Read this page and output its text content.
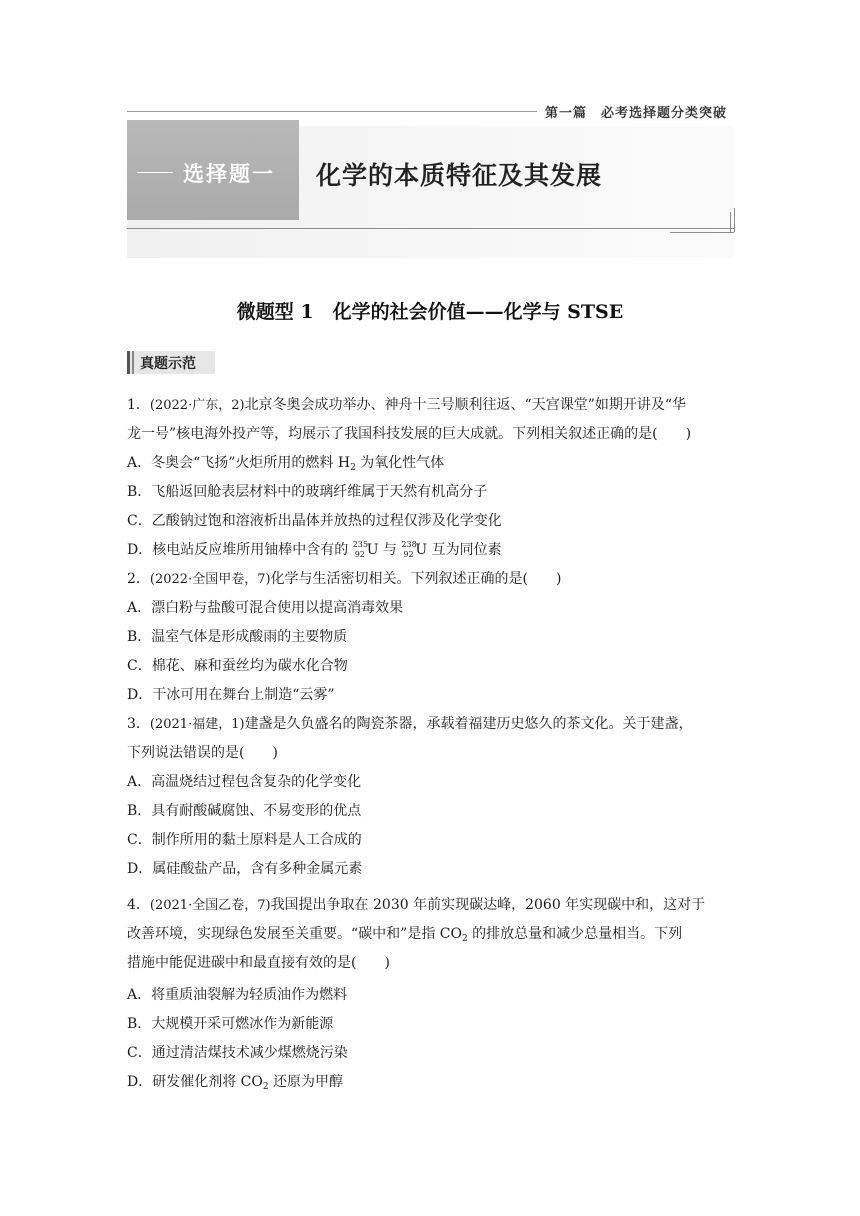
第一篇　必考选择题分类突破
选择题一 化学的本质特征及其发展
微题型 1　化学的社会价值——化学与 STSE
真题示范
1．(2022·广东，2)北京冬奥会成功举办、神舟十三号顺利往返、“天宫课堂”如期开讲及“华
龙一号”核电海外投产等，均展示了我国科技发展的巨大成就。下列相关叙述正确的是(　　)
A．冬奥会“飞扬”火炬所用的燃料 $H_2$ 为氧化性气体
B．飞船返回舱表层材料中的玻璃纤维属于天然有机高分子
C．乙酸钠过饱和溶液析出晶体并放热的过程仅涉及化学变化
D．核电站反应堆所用铀棒中含有的 235
92 U 与 238
92 U 互为同位素
2．(2022·全国甲卷，7)化学与生活密切相关。下列叙述正确的是(　　)
A．漂白粉与盐酸可混合使用以提高消毒效果
B．温室气体是形成酸雨的主要物质
C．棉花、麻和蚕丝均为碳水化合物
D．干冰可用在舞台上制造“云雾”
3．(2021·福建，1)建盏是久负盛名的陶瓷茶器，承载着福建历史悠久的茶文化。关于建盏，
下列说法错误的是(　　)
A．高温烧结过程包含复杂的化学变化
B．具有耐酸碱腐蚀、不易变形的优点
C．制作所用的黏土原料是人工合成的
D．属硅酸盐产品，含有多种金属元素
4．(2021·全国乙卷，7)我国提出争取在 2030 年前实现碳达峰，2060 年实现碳中和，这对于
改善环境，实现绿色发展至关重要。“碳中和”是指 $CO_2$ 的排放总量和减少总量相当。下列
措施中能促进碳中和最直接有效的是(　　)
A．将重质油裂解为轻质油作为燃料
B．大规模开采可燃冰作为新能源
C．通过清洁煤技术减少煤燃烧污染
D．研发催化剂将 $CO_2$ 还原为甲醇
